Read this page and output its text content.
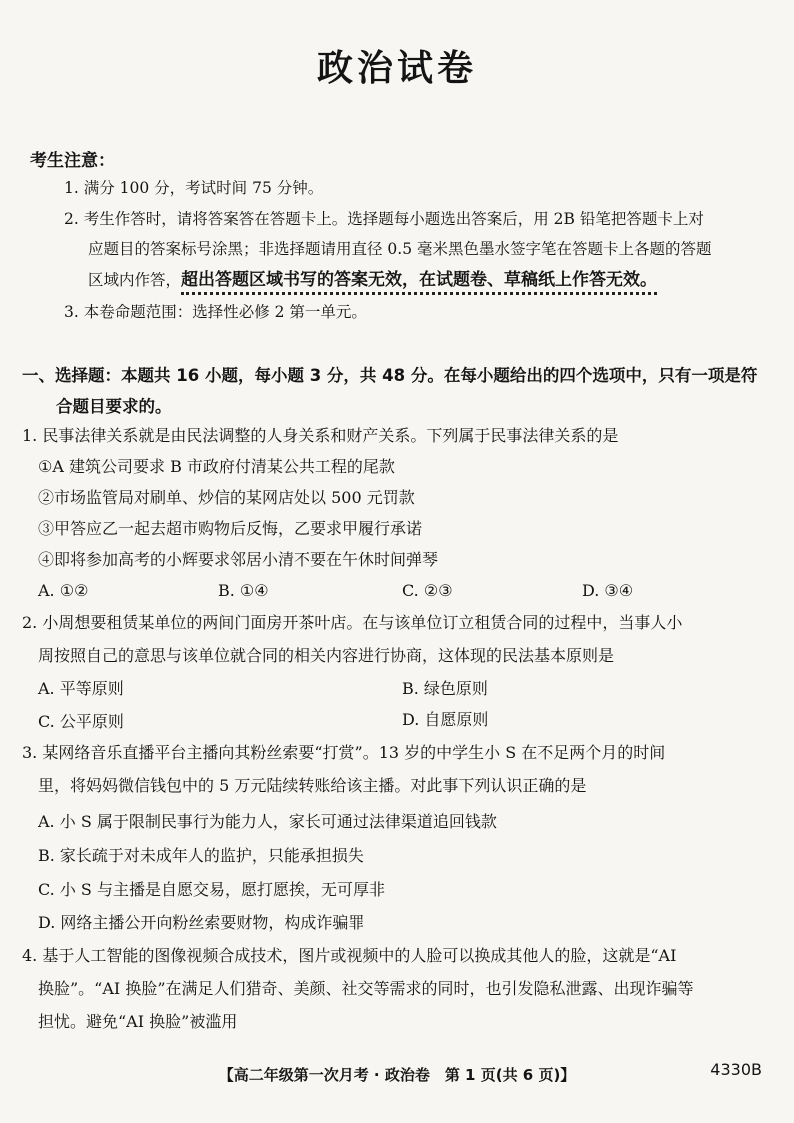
政治试卷
考生注意：
1. 满分 100 分，考试时间 75 分钟。
2. 考生作答时，请将答案答在答题卡上。选择题每小题选出答案后，用 2B 铅笔把答题卡上对
应题目的答案标号涂黑；非选择题请用直径 0.5 毫米黑色墨水签字笔在答题卡上各题的答题
区域内作答，超出答题区域书写的答案无效，在试题卷、草稿纸上作答无效。
3. 本卷命题范围：选择性必修 2 第一单元。
一、选择题：本题共 16 小题，每小题 3 分，共 48 分。在每小题给出的四个选项中，只有一项是符
合题目要求的。
1. 民事法律关系就是由民法调整的人身关系和财产关系。下列属于民事法律关系的是
①A 建筑公司要求 B 市政府付清某公共工程的尾款
②市场监管局对刷单、炒信的某网店处以 500 元罚款
③甲答应乙一起去超市购物后反悔，乙要求甲履行承诺
④即将参加高考的小辉要求邻居小清不要在午休时间弹琴
A. ①②	B. ①④	C. ②③	D. ③④
2. 小周想要租赁某单位的两间门面房开茶叶店。在与该单位订立租赁合同的过程中，当事人小
周按照自己的意思与该单位就合同的相关内容进行协商，这体现的民法基本原则是
A. 平等原则	B. 绿色原则
C. 公平原则	D. 自愿原则
3. 某网络音乐直播平台主播向其粉丝索要“打赏”。13 岁的中学生小 S 在不足两个月的时间
里，将妈妈微信钱包中的 5 万元陆续转账给该主播。对此事下列认识正确的是
A. 小 S 属于限制民事行为能力人，家长可通过法律渠道追回钱款
B. 家长疏于对未成年人的监护，只能承担损失
C. 小 S 与主播是自愿交易，愿打愿挨，无可厚非
D. 网络主播公开向粉丝索要财物，构成诈骗罪
4. 基于人工智能的图像视频合成技术，图片或视频中的人脸可以换成其他人的脸，这就是“AI
换脸”。“AI 换脸”在满足人们猎奇、美颜、社交等需求的同时，也引发隐私泄露、出现诈骗等
担忧。避免“AI 换脸”被滥用
【高二年级第一次月考 · 政治卷　第 1 页(共 6 页)】	4330B
